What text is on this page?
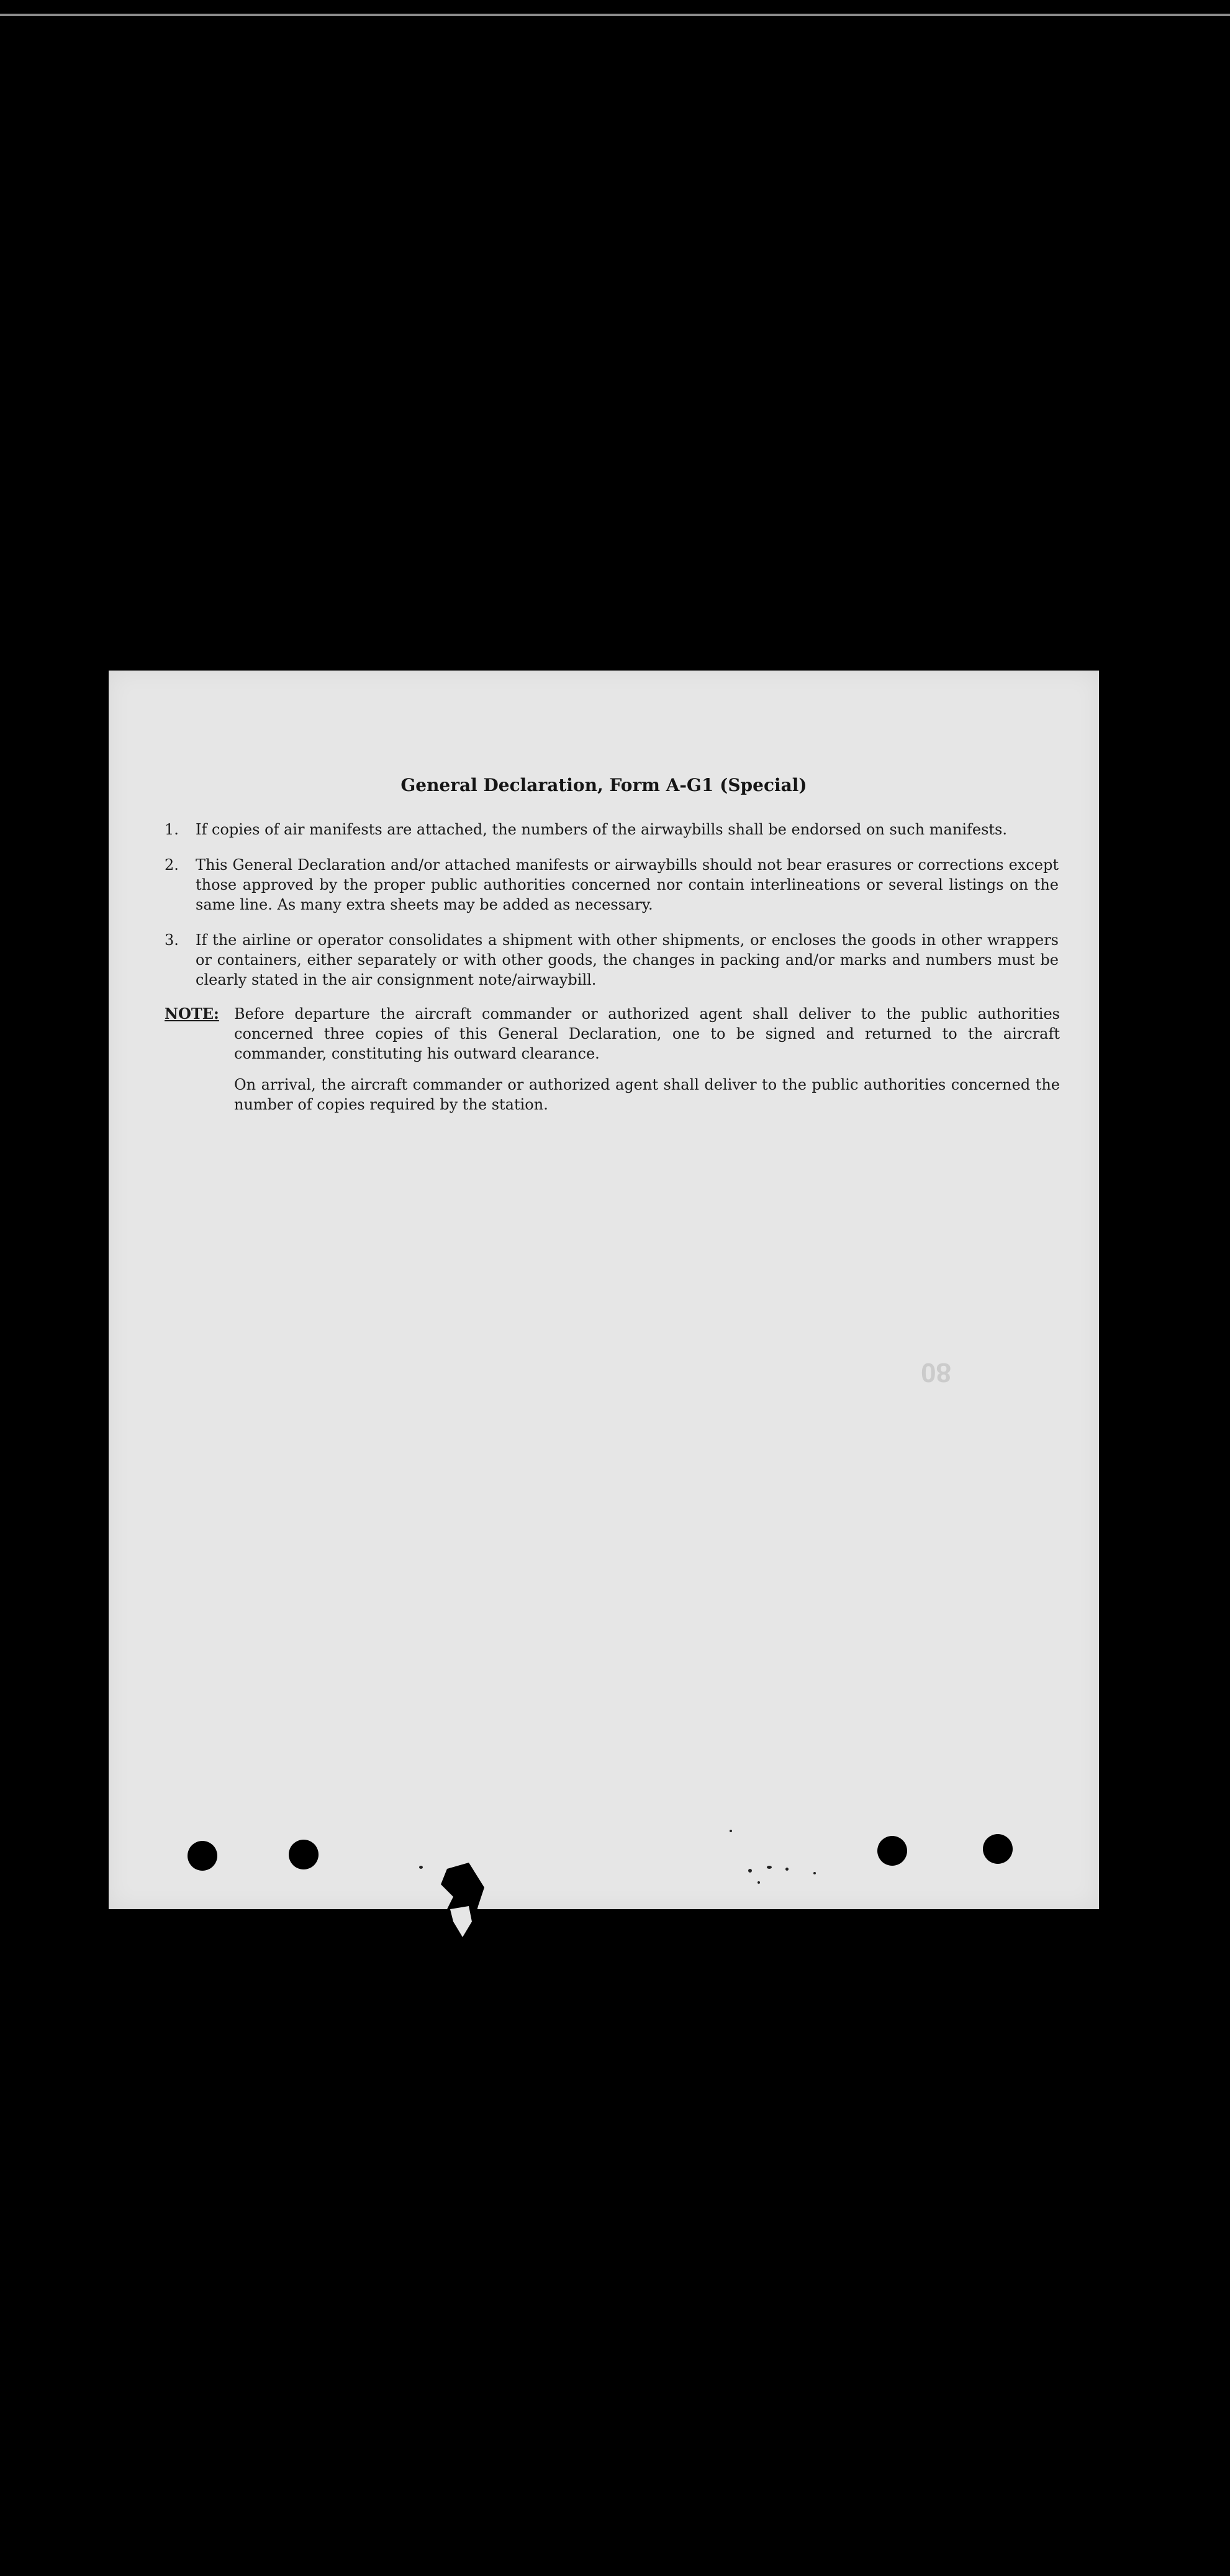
80
General Declaration, Form A-G1 (Special)
1. If copies of air manifests are attached, the numbers of the airwaybills shall be endorsed on such manifests.
2. This General Declaration and/or attached manifests or airwaybills should not bear erasures or corrections except those approved by the proper public authorities concerned nor contain interlineations or several listings on the same line. As many extra sheets may be added as necessary.
3. If the airline or operator consolidates a shipment with other shipments, or encloses the goods in other wrappers or containers, either separately or with other goods, the changes in packing and/or marks and numbers must be clearly stated in the air consignment note/airwaybill.
NOTE: Before departure the aircraft commander or authorized agent shall deliver to the public authorities concerned three copies of this General Declaration, one to be signed and returned to the aircraft commander, constituting his outward clearance.
On arrival, the aircraft commander or authorized agent shall deliver to the public authorities concerned the number of copies required by the station.
